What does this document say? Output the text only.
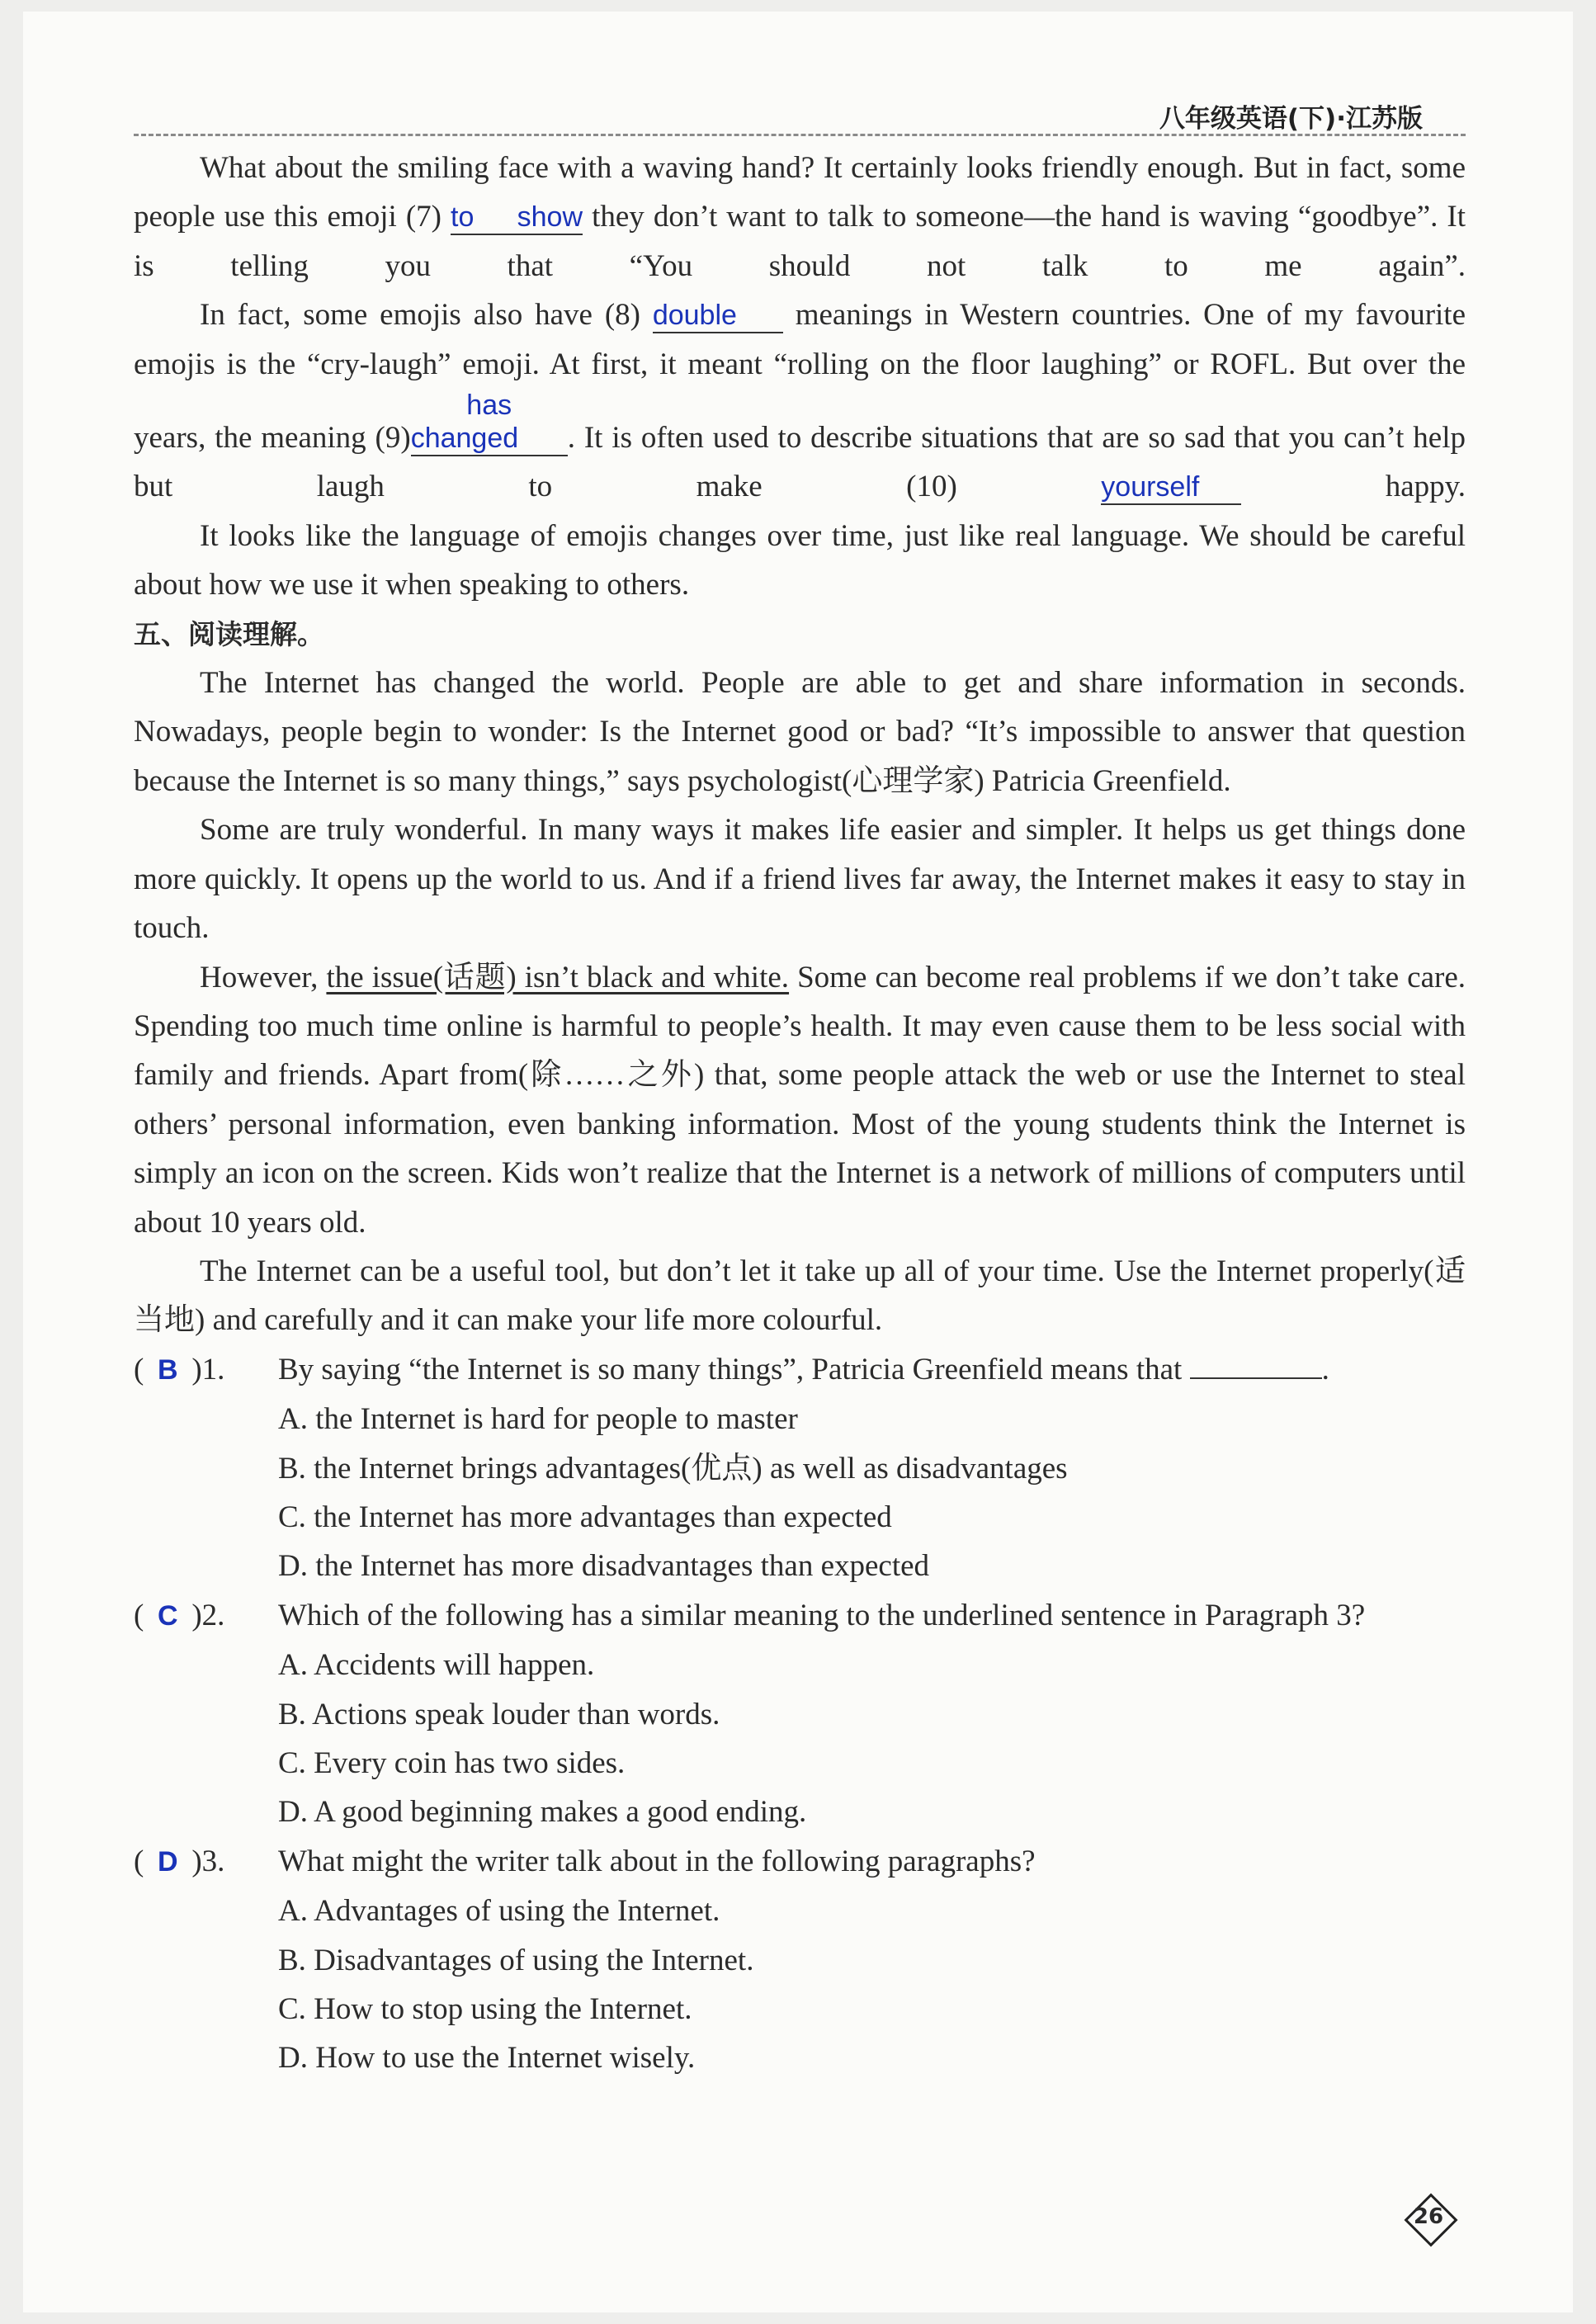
八年级英语(下)·江苏版

What about the smiling face with a waving hand? It certainly looks friendly enough. But in fact, some people use this emoji (7) to show they don’t want to talk to someone—the hand is waving “goodbye”. It is telling you that “You should not talk to me again”.

In fact, some emojis also have (8) double meanings in Western countries. One of my favourite emojis is the “cry-laugh” emoji. At first, it meant “rolling on the floor laughing” or ROFL. But over the years, the meaning (9)has changed . It is often used to describe situations that are so sad that you can’t help but laugh to make (10)	yourself	happy.

It looks like the language of emojis changes over time, just like real language. We should be careful about how we use it when speaking to others.

五、阅读理解。

The Internet has changed the world. People are able to get and share information in seconds. Nowadays, people begin to wonder: Is the Internet good or bad? “It’s impossible to answer that question because the Internet is so many things,” says psychologist(心理学家) Patricia Greenfield.

Some are truly wonderful. In many ways it makes life easier and simpler. It helps us get things done more quickly. It opens up the world to us. And if a friend lives far away, the Internet makes it easy to stay in touch.

However, the issue(话题) isn’t black and white. Some can become real problems if we don’t take care. Spending too much time online is harmful to people’s health. It may even cause them to be less social with family and friends. Apart from(除……之外) that, some people attack the web or use the Internet to steal others’ personal information, even banking information. Most of the young students think the Internet is simply an icon on the screen. Kids won’t realize that the Internet is a network of millions of computers until about 10 years old.

The Internet can be a useful tool, but don’t let it take up all of your time. Use the Internet properly(适当地) and carefully and it can make your life more colourful.

( B )1.	By saying “the Internet is so many things”, Patricia Greenfield means that	.

A. the Internet is hard for people to master

B. the Internet brings advantages(优点) as well as disadvantages

C. the Internet has more advantages than expected

D. the Internet has more disadvantages than expected

( C )2.	Which of the following has a similar meaning to the underlined sentence in Paragraph 3?

A. Accidents will happen.

B. Actions speak louder than words.

C. Every coin has two sides.

D. A good beginning makes a good ending.

( D )3.	What might the writer talk about in the following paragraphs?

A. Advantages of using the Internet.

B. Disadvantages of using the Internet.

C. How to stop using the Internet.

D. How to use the Internet wisely.

26
